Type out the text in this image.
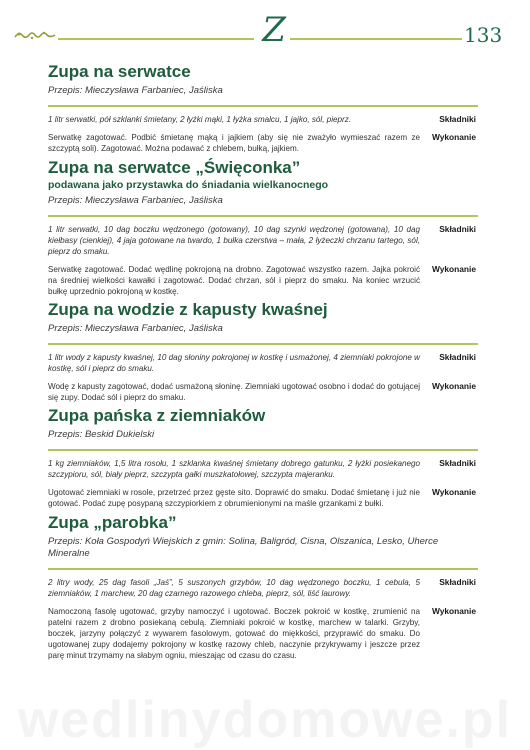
Z	133
Zupa na serwatce
Przepis: Mieczysława Farbaniec, Jaśliska
1 litr serwatki, pół szklanki śmietany, 2 łyżki mąki, 1 łyżka smalcu, 1 jajko, sól, pieprz.	Składniki
Serwatkę zagotować. Podbić śmietanę mąką i jajkiem (aby się nie zważyło wymieszać razem ze szczyptą soli). Zagotować. Można podawać z chlebem, bułką, jajkiem.
Wykonanie
Zupa na serwatce „Święconka”
podawana jako przystawka do śniadania wielkanocnego
Przepis: Mieczysława Farbaniec, Jaśliska
1 litr serwatki, 10 dag boczku wędzonego (gotowany), 10 dag szynki wędzonej (gotowana), 10 dag kiełbasy (cienkiej), 4 jaja gotowane na twardo, 1 bułka czerstwa – mała, 2 łyżeczki chrzanu tartego, sól, pieprz do smaku.
Składniki
Serwatkę zagotować. Dodać wędlinę pokrojoną na drobno. Zagotować wszystko razem. Jajka pokroić na średniej wielkości kawałki i zagotować. Dodać chrzan, sól i pieprz do smaku. Na koniec wrzucić bułkę uprzednio pokrojoną w kostkę.
Wykonanie
Zupa na wodzie z kapusty kwaśnej
Przepis: Mieczysława Farbaniec, Jaśliska
1 litr wody z kapusty kwaśnej, 10 dag słoniny pokrojonej w kostkę i usmażonej, 4 ziemniaki pokrojone w kostkę, sól i pieprz do smaku.
Składniki
Wodę z kapusty zagotować, dodać usmażoną słoninę. Ziemniaki ugotować osobno i dodać do gotującej się zupy. Dodać sól i pieprz do smaku.
Wykonanie
Zupa pańska z ziemniaków
Przepis: Beskid Dukielski
1 kg ziemniaków, 1,5 litra rosołu, 1 szklanka kwaśnej śmietany dobrego gatunku, 2 łyżki posiekanego szczypioru, sól, biały pieprz, szczypta gałki muszkatołowej, szczypta majeranku.
Składniki
Ugotować ziemniaki w rosole, przetrzeć przez gęste sito. Doprawić do smaku. Dodać śmietanę i już nie gotować. Podać zupę posypaną szczypiorkiem z obrumienionymi na maśle grzankami z bułki.
Wykonanie
Zupa „parobka”
Przepis: Koła Gospodyń Wiejskich z gmin: Solina, Baligród, Cisna, Olszanica, Lesko, Uherce Mineralne
2 litry wody, 25 dag fasoli „Jaś”, 5 suszonych grzybów, 10 dag wędzonego boczku, 1 cebula, 5 ziemniaków, 1 marchew, 20 dag czarnego razowego chleba, pieprz, sól, liść laurowy.
Składniki
Namoczoną fasolę ugotować, grzyby namoczyć i ugotować. Boczek pokroić w kostkę, zrumienić na patelni razem z drobno posiekaną cebulą. Ziemniaki pokroić w kostkę, marchew w talarki. Grzyby, boczek, jarzyny połączyć z wywarem fasolowym, gotować do miękkości, przyprawić do smaku. Do ugotowanej zupy dodajemy pokrojony w kostkę razowy chleb, naczynie przykrywamy i jeszcze przez parę minut trzymamy na słabym ogniu, mieszając od czasu do czasu.
Wykonanie
wedlinydomowe.pl
